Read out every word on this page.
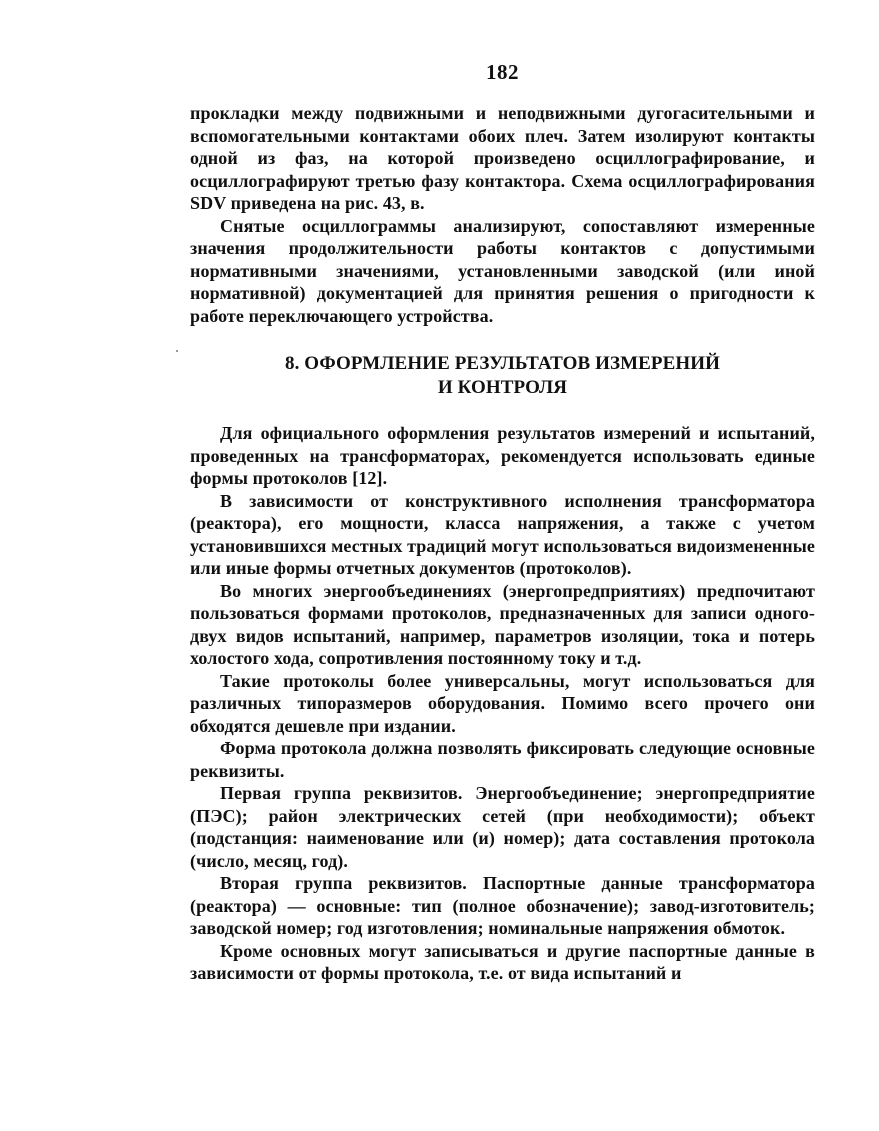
182

прокладки между подвижными и неподвижными дугогасительными и вспомогательными контактами обоих плеч. Затем изолируют контакты одной из фаз, на которой произведено осциллографирование, и осциллографируют третью фазу контактора. Схема осциллографирования SDV приведена на рис. 43, в.

Снятые осциллограммы анализируют, сопоставляют измеренные значения продолжительности работы контактов с допустимыми нормативными значениями, установленными заводской (или иной нормативной) документацией для принятия решения о пригодности к работе переключающего устройства.

8. ОФОРМЛЕНИЕ РЕЗУЛЬТАТОВ ИЗМЕРЕНИЙ
И КОНТРОЛЯ

Для официального оформления результатов измерений и испытаний, проведенных на трансформаторах, рекомендуется использовать единые формы протоколов [12].

В зависимости от конструктивного исполнения трансформатора (реактора), его мощности, класса напряжения, а также с учетом установившихся местных традиций могут использоваться видоизмененные или иные формы отчетных документов (протоколов).

Во многих энергообъединениях (энергопредприятиях) предпочитают пользоваться формами протоколов, предназначенных для записи одного-двух видов испытаний, например, параметров изоляции, тока и потерь холостого хода, сопротивления постоянному току и т.д.

Такие протоколы более универсальны, могут использоваться для различных типоразмеров оборудования. Помимо всего прочего они обходятся дешевле при издании.

Форма протокола должна позволять фиксировать следующие основные реквизиты.

Первая группа реквизитов. Энергообъединение; энергопредприятие (ПЭС); район электрических сетей (при необходимости); объект (подстанция: наименование или (и) номер); дата составления протокола (число, месяц, год).

Вторая группа реквизитов. Паспортные данные трансформатора (реактора) — основные: тип (полное обозначение); завод-изготовитель; заводской номер; год изготовления; номинальные напряжения обмоток.

Кроме основных могут записываться и другие паспортные данные в зависимости от формы протокола, т.е. от вида испытаний и
